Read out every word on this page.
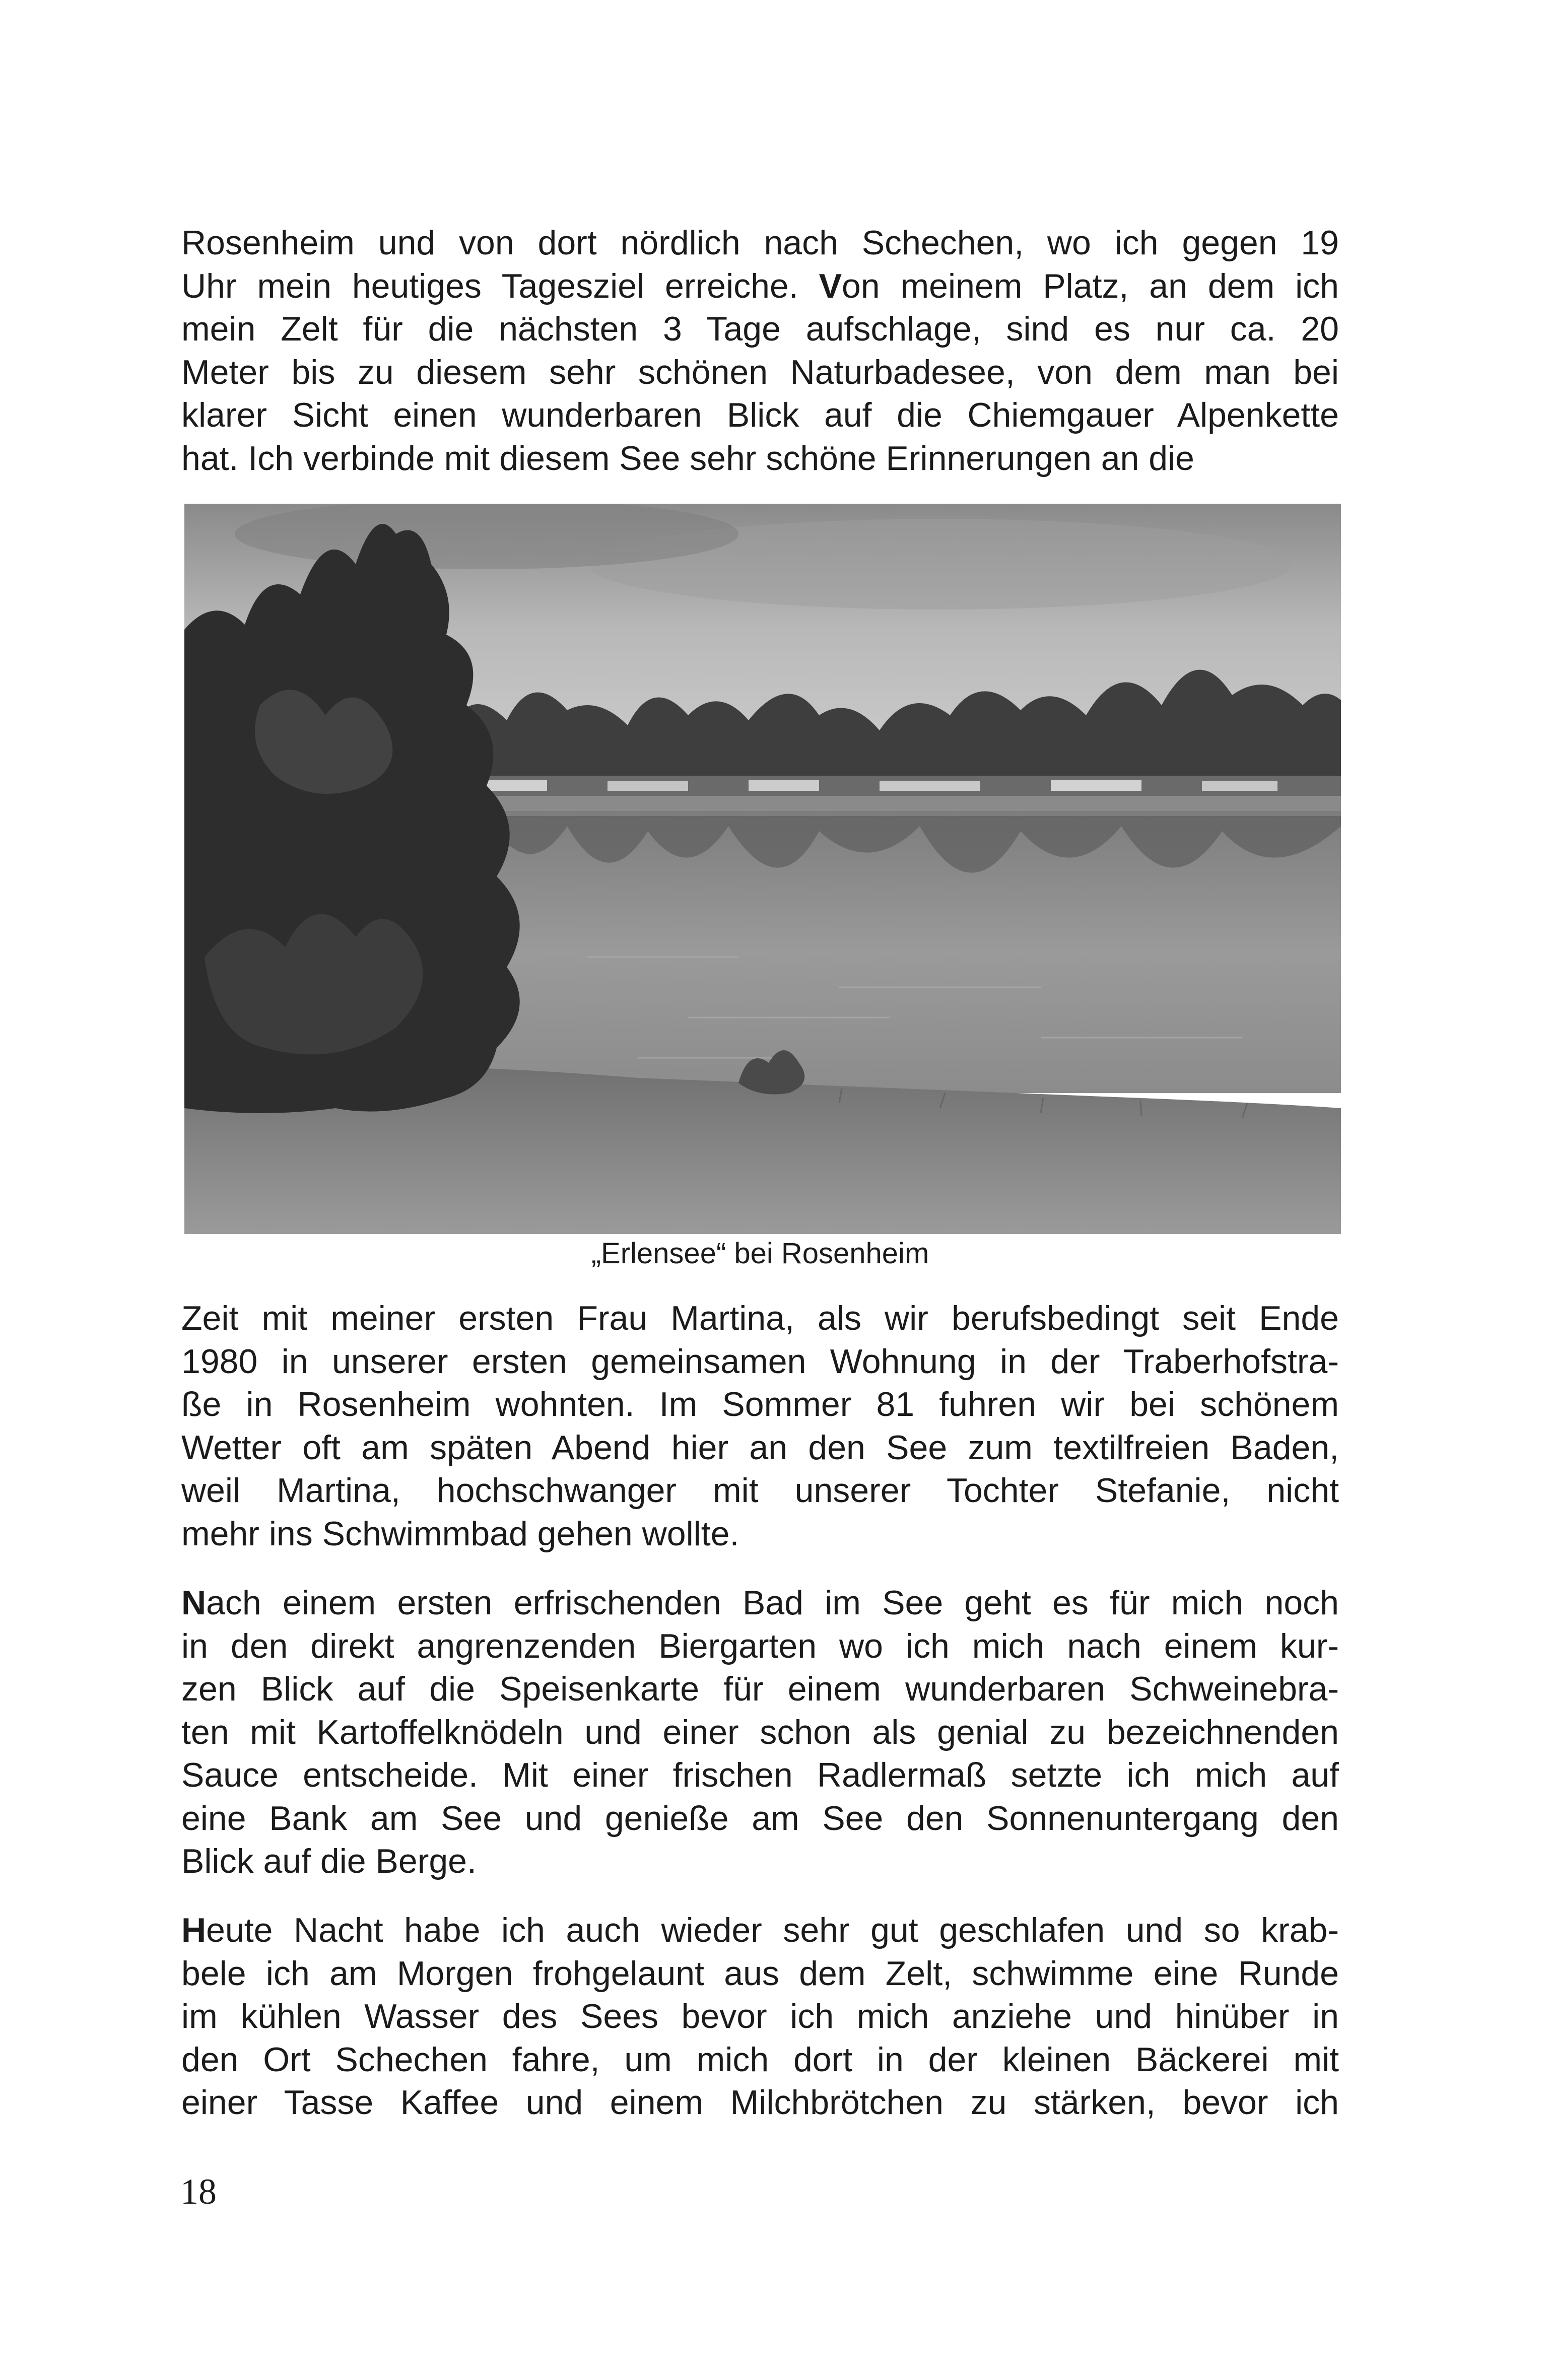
Rosenheim und von dort nördlich nach Schechen, wo ich gegen 19
Uhr mein heutiges Tagesziel erreiche. Von meinem Platz, an dem ich
mein Zelt für die nächsten 3 Tage aufschlage, sind es nur ca. 20
Meter bis zu diesem sehr schönen Naturbadesee, von dem man bei
klarer Sicht einen wunderbaren Blick auf die Chiemgauer Alpenkette
hat. Ich verbinde mit diesem See sehr schöne Erinnerungen an die
„Erlensee“ bei Rosenheim
Zeit mit meiner ersten Frau Martina, als wir berufsbedingt seit Ende
1980 in unserer ersten gemeinsamen Wohnung in der Traberhofstra-
ße in Rosenheim wohnten. Im Sommer 81 fuhren wir bei schönem
Wetter oft am späten Abend hier an den See zum textilfreien Baden,
weil Martina, hochschwanger mit unserer Tochter Stefanie, nicht
mehr ins Schwimmbad gehen wollte.
Nach einem ersten erfrischenden Bad im See geht es für mich noch
in den direkt angrenzenden Biergarten wo ich mich nach einem kur-
zen Blick auf die Speisenkarte für einem wunderbaren Schweinebra-
ten mit Kartoffelknödeln und einer schon als genial zu bezeichnenden
Sauce entscheide. Mit einer frischen Radlermaß setzte ich mich auf
eine Bank am See und genieße am See den Sonnenuntergang den
Blick auf die Berge.
Heute Nacht habe ich auch wieder sehr gut geschlafen und so krab-
bele ich am Morgen frohgelaunt aus dem Zelt, schwimme eine Runde
im kühlen Wasser des Sees bevor ich mich anziehe und hinüber in
den Ort Schechen fahre, um mich dort in der kleinen Bäckerei mit
einer Tasse Kaffee und einem Milchbrötchen zu stärken, bevor ich
18
